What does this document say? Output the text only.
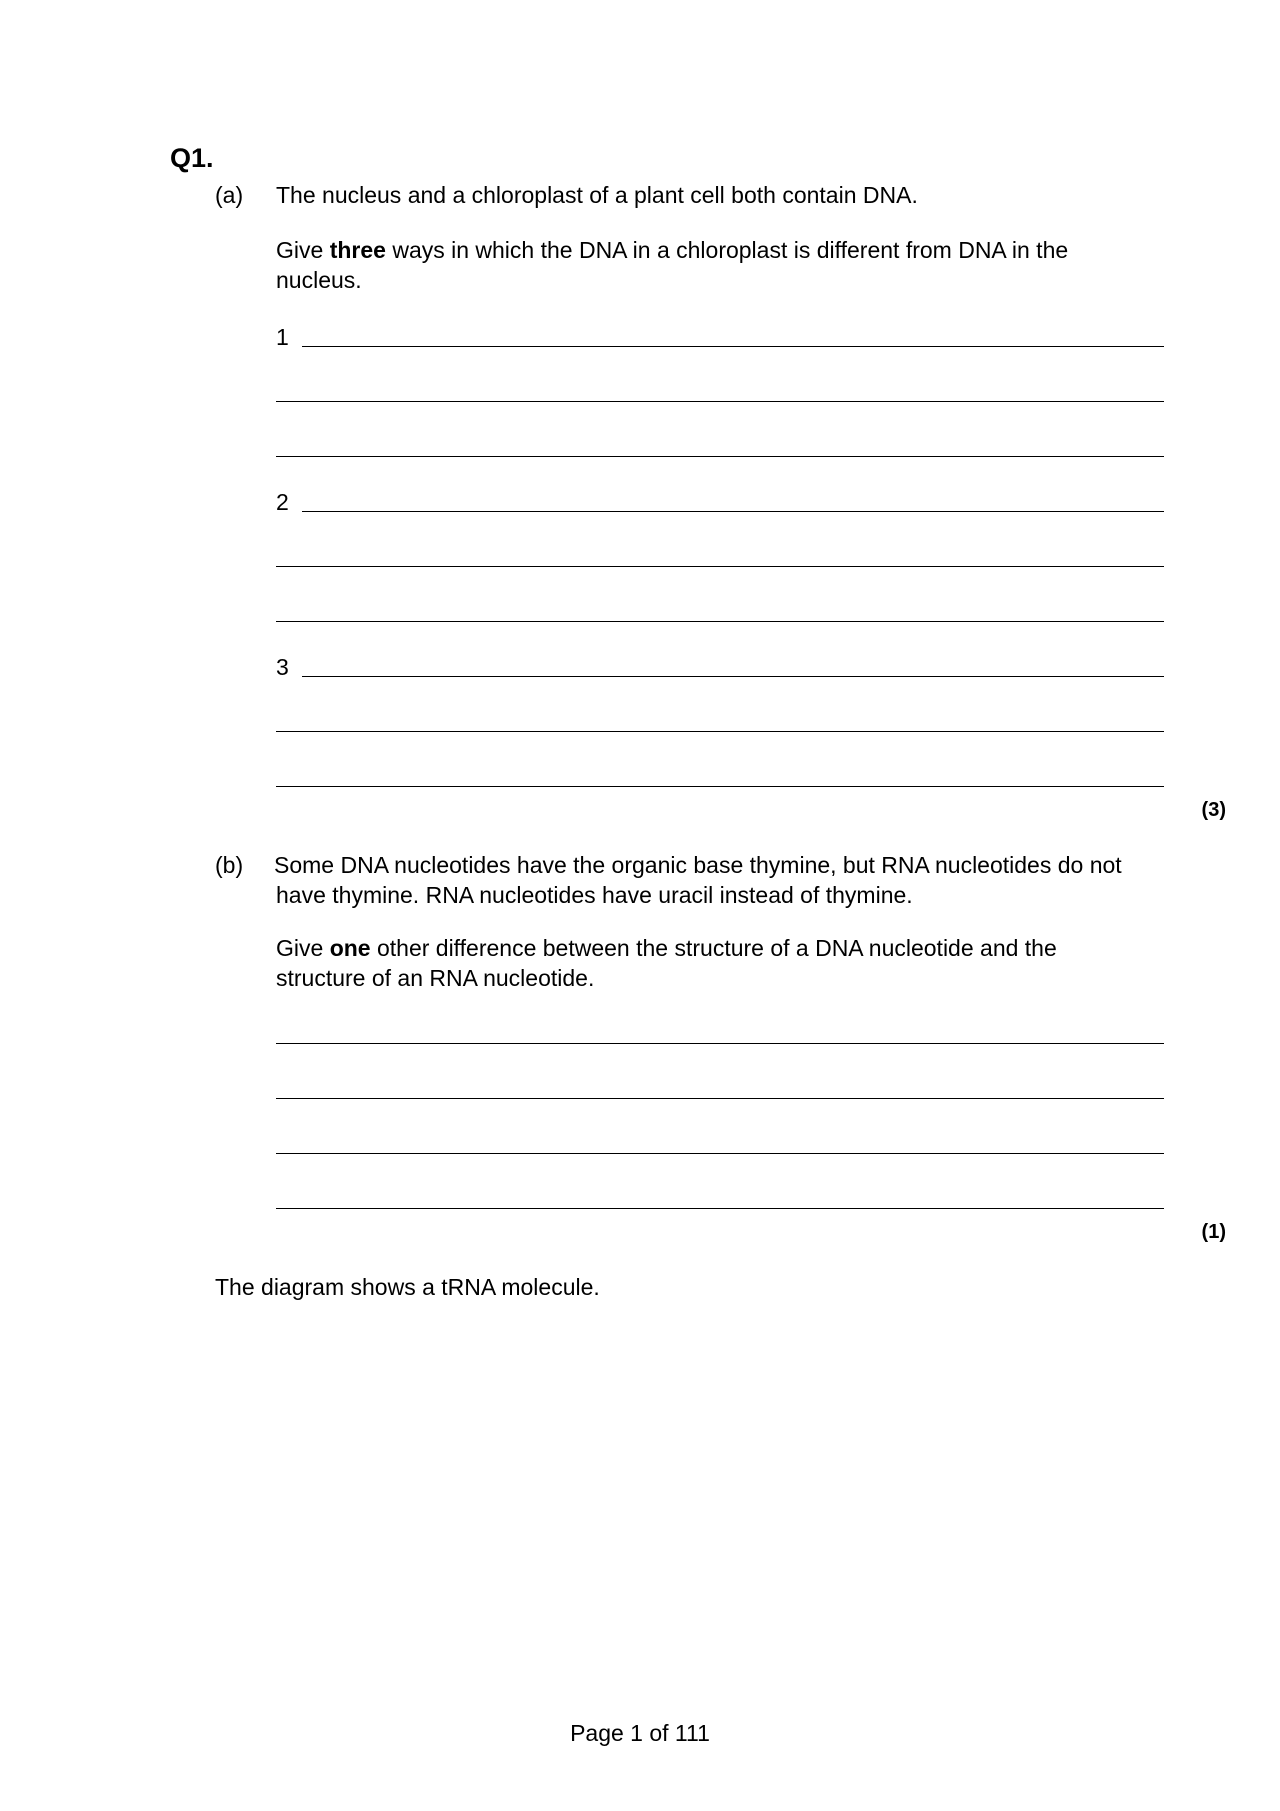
Q1.
(a) The nucleus and a chloroplast of a plant cell both contain DNA.
Give three ways in which the DNA in a chloroplast is different from DNA in the
nucleus.
1
2
3
(3)
(b) Some DNA nucleotides have the organic base thymine, but RNA nucleotides do not
have thymine. RNA nucleotides have uracil instead of thymine.
Give one other difference between the structure of a DNA nucleotide and the
structure of an RNA nucleotide.
(1)
The diagram shows a tRNA molecule.
Page 1 of 111
